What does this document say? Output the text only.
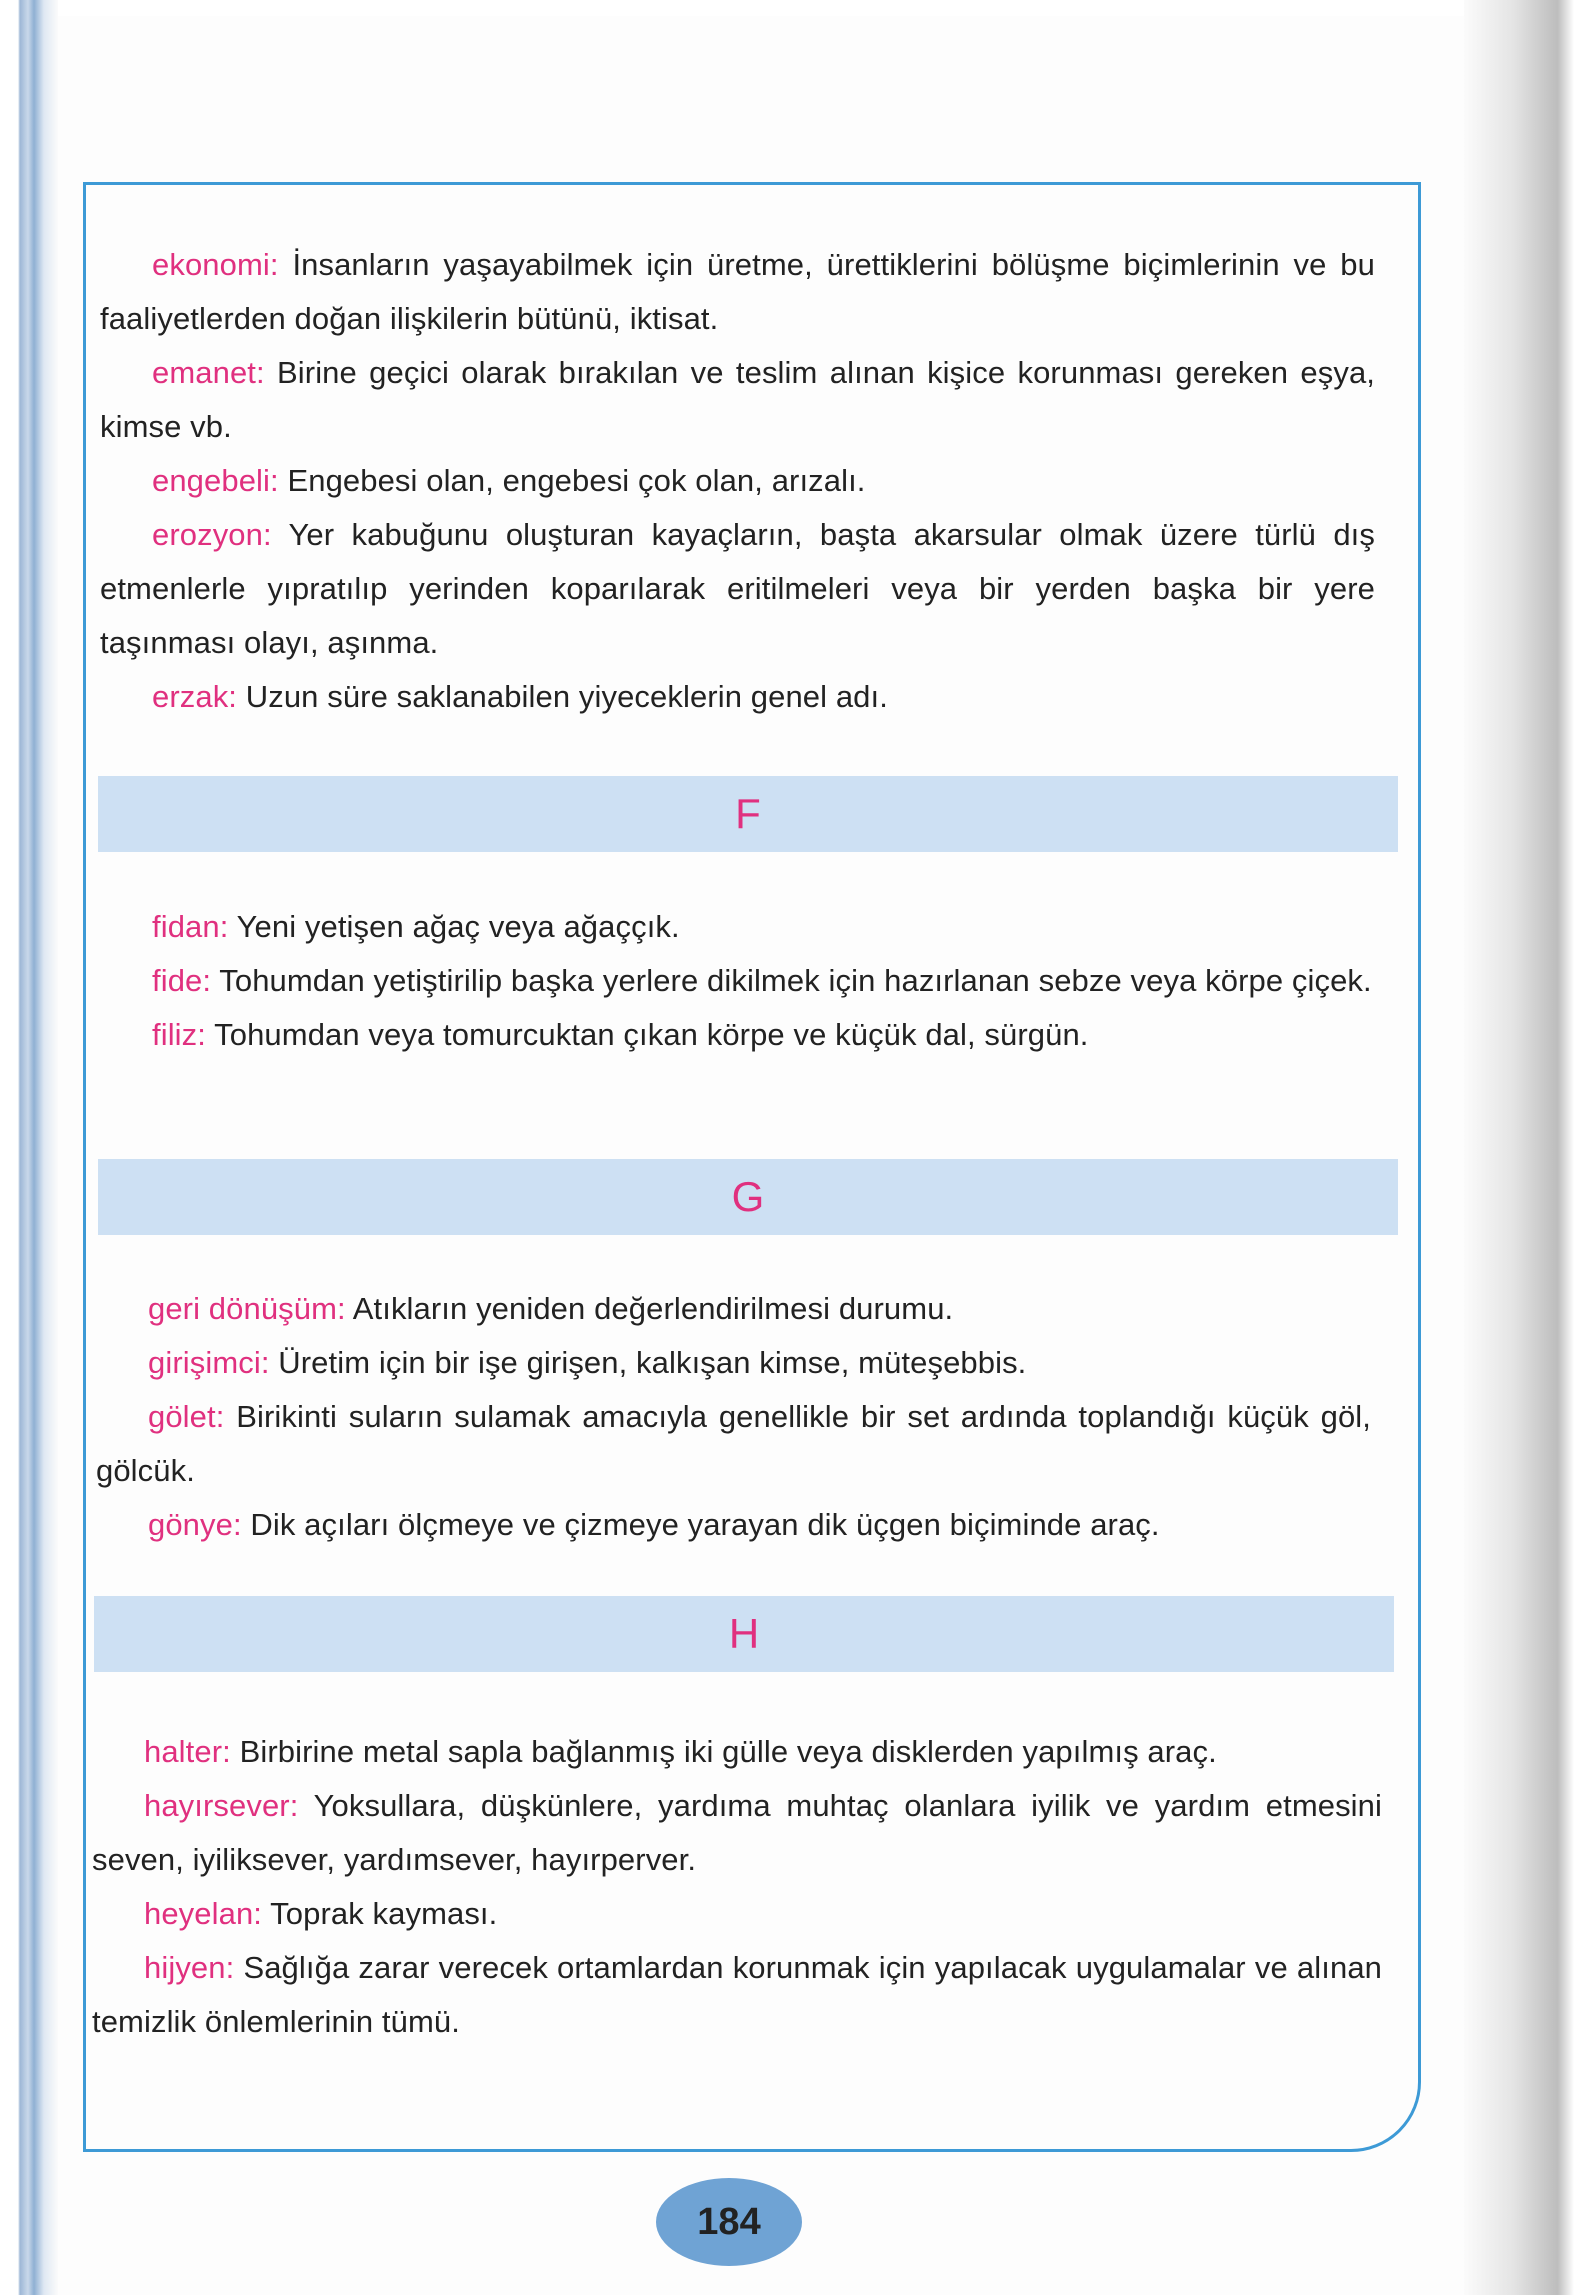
ekonomi: İnsanların yaşayabilmek için üretme, ürettiklerini bölüşme biçimlerinin ve bu faaliyetlerden doğan ilişkilerin bütünü, iktisat.

emanet: Birine geçici olarak bırakılan ve teslim alınan kişice korunması gereken eşya, kimse vb.

engebeli: Engebesi olan, engebesi çok olan, arızalı.

erozyon: Yer kabuğunu oluşturan kayaçların, başta akarsular olmak üzere türlü dış etmenlerle yıpratılıp yerinden koparılarak eritilmeleri veya bir yerden başka bir yere taşınması olayı, aşınma.

erzak: Uzun süre saklanabilen yiyeceklerin genel adı.

F

fidan: Yeni yetişen ağaç veya ağaççık.

fide: Tohumdan yetiştirilip başka yerlere dikilmek için hazırlanan sebze veya körpe çiçek.

filiz: Tohumdan veya tomurcuktan çıkan körpe ve küçük dal, sürgün.

G

geri dönüşüm: Atıkların yeniden değerlendirilmesi durumu.

girişimci: Üretim için bir işe girişen, kalkışan kimse, müteşebbis.

gölet: Birikinti suların sulamak amacıyla genellikle bir set ardında toplandığı küçük göl, gölcük.

gönye: Dik açıları ölçmeye ve çizmeye yarayan dik üçgen biçiminde araç.

H

halter: Birbirine metal sapla bağlanmış iki gülle veya disklerden yapılmış araç.

hayırsever: Yoksullara, düşkünlere, yardıma muhtaç olanlara iyilik ve yardım etmesini seven, iyiliksever, yardımsever, hayırperver.

heyelan: Toprak kayması.

hijyen: Sağlığa zarar verecek ortamlardan korunmak için yapılacak uygulamalar ve alınan temizlik önlemlerinin tümü.

184
